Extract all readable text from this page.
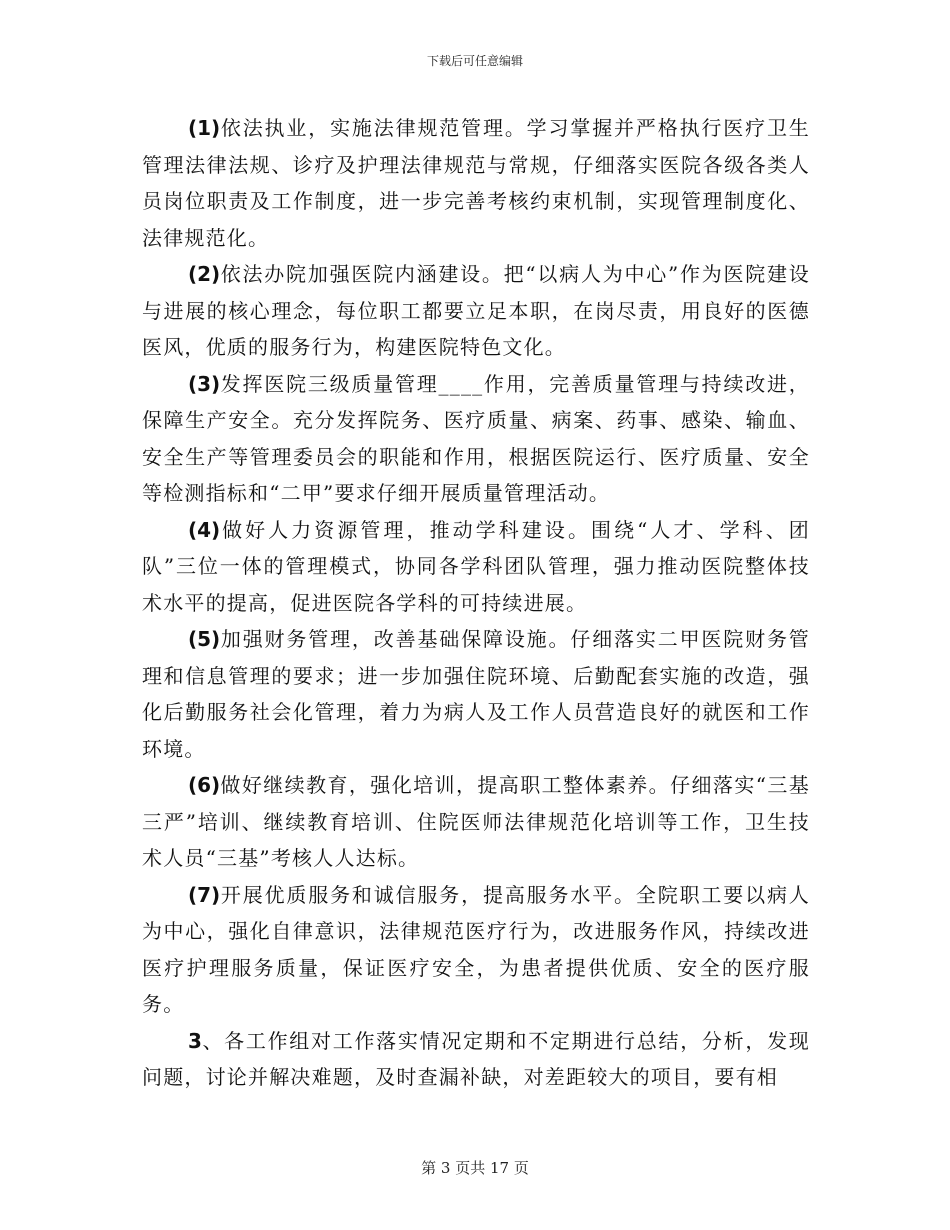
下载后可任意编辑

(1)依法执业，实施法律规范管理。学习掌握并严格执行医疗卫生管理法律法规、诊疗及护理法律规范与常规，仔细落实医院各级各类人员岗位职责及工作制度，进一步完善考核约束机制，实现管理制度化、法律规范化。

(2)依法办院加强医院内涵建设。把“以病人为中心”作为医院建设与进展的核心理念，每位职工都要立足本职，在岗尽责，用良好的医德医风，优质的服务行为，构建医院特色文化。

(3)发挥医院三级质量管理____作用，完善质量管理与持续改进，保障生产安全。充分发挥院务、医疗质量、病案、药事、感染、输血、安全生产等管理委员会的职能和作用，根据医院运行、医疗质量、安全等检测指标和“二甲”要求仔细开展质量管理活动。

(4)做好人力资源管理，推动学科建设。围绕“人才、学科、团队”三位一体的管理模式，协同各学科团队管理，强力推动医院整体技术水平的提高，促进医院各学科的可持续进展。

(5)加强财务管理，改善基础保障设施。仔细落实二甲医院财务管理和信息管理的要求；进一步加强住院环境、后勤配套实施的改造，强化后勤服务社会化管理，着力为病人及工作人员营造良好的就医和工作环境。

(6)做好继续教育，强化培训，提高职工整体素养。仔细落实“三基三严”培训、继续教育培训、住院医师法律规范化培训等工作，卫生技术人员“三基”考核人人达标。

(7)开展优质服务和诚信服务，提高服务水平。全院职工要以病人为中心，强化自律意识，法律规范医疗行为，改进服务作风，持续改进医疗护理服务质量，保证医疗安全，为患者提供优质、安全的医疗服务。

3、各工作组对工作落实情况定期和不定期进行总结，分析，发现问题，讨论并解决难题，及时查漏补缺，对差距较大的项目，要有相

第 3 页共 17 页
